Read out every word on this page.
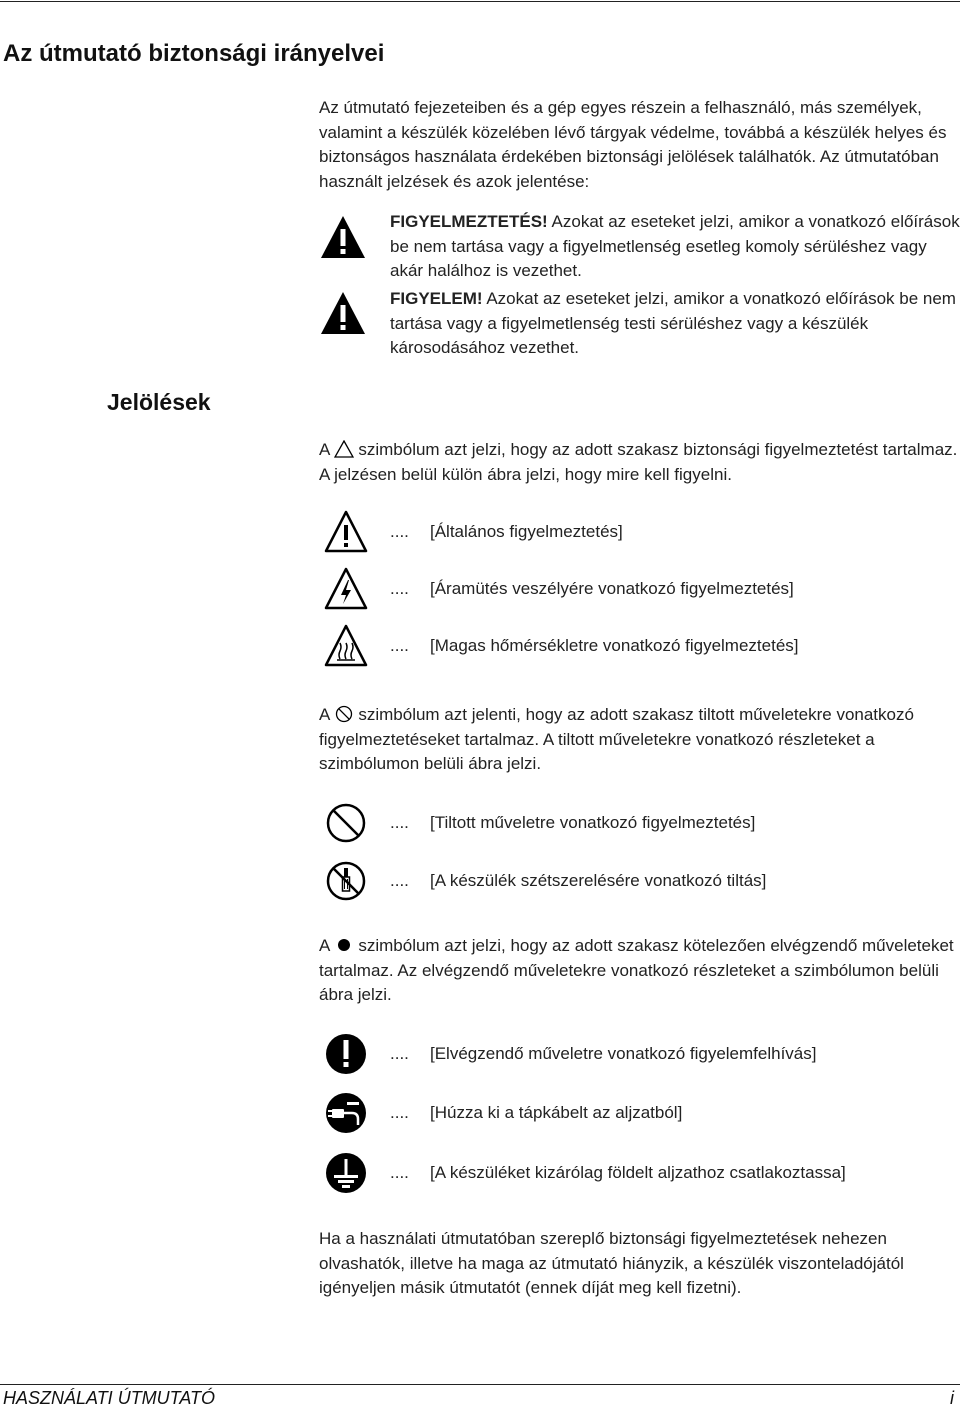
Az útmutató biztonsági irányelvei

Az útmutató fejezeteiben és a gép egyes részein a felhasználó, más személyek, valamint a készülék közelében lévő tárgyak védelme, továbbá a készülék helyes és biztonságos használata érdekében biztonsági jelölések találhatók. Az útmutatóban használt jelzések és azok jelentése:

FIGYELMEZTETÉS! Azokat az eseteket jelzi, amikor a vonatkozó előírások be nem tartása vagy a figyelmetlenség esetleg komoly sérüléshez vagy akár halálhoz is vezethet.

FIGYELEM! Azokat az eseteket jelzi, amikor a vonatkozó előírások be nem tartása vagy a figyelmetlenség testi sérüléshez vagy a készülék károsodásához vezethet.

Jelölések

A szimbólum azt jelzi, hogy az adott szakasz biztonsági figyelmeztetést tartalmaz. A jelzésen belül külön ábra jelzi, hogy mire kell figyelni.

.... [Általános figyelmeztetés]

.... [Áramütés veszélyére vonatkozó figyelmeztetés]

.... [Magas hőmérsékletre vonatkozó figyelmeztetés]

A szimbólum azt jelenti, hogy az adott szakasz tiltott műveletekre vonatkozó figyelmeztetéseket tartalmaz. A tiltott műveletekre vonatkozó részleteket a szimbólumon belüli ábra jelzi.

.... [Tiltott műveletre vonatkozó figyelmeztetés]

.... [A készülék szétszerelésére vonatkozó tiltás]

A szimbólum azt jelzi, hogy az adott szakasz kötelezően elvégzendő műveleteket tartalmaz. Az elvégzendő műveletekre vonatkozó részleteket a szimbólumon belüli ábra jelzi.

.... [Elvégzendő műveletre vonatkozó figyelemfelhívás]

.... [Húzza ki a tápkábelt az aljzatból]

.... [A készüléket kizárólag földelt aljzathoz csatlakoztassa]

Ha a használati útmutatóban szereplő biztonsági figyelmeztetések nehezen olvashatók, illetve ha maga az útmutató hiányzik, a készülék viszonteladójától igényeljen másik útmutatót (ennek díját meg kell fizetni).

HASZNÁLATI ÚTMUTATÓ	i
